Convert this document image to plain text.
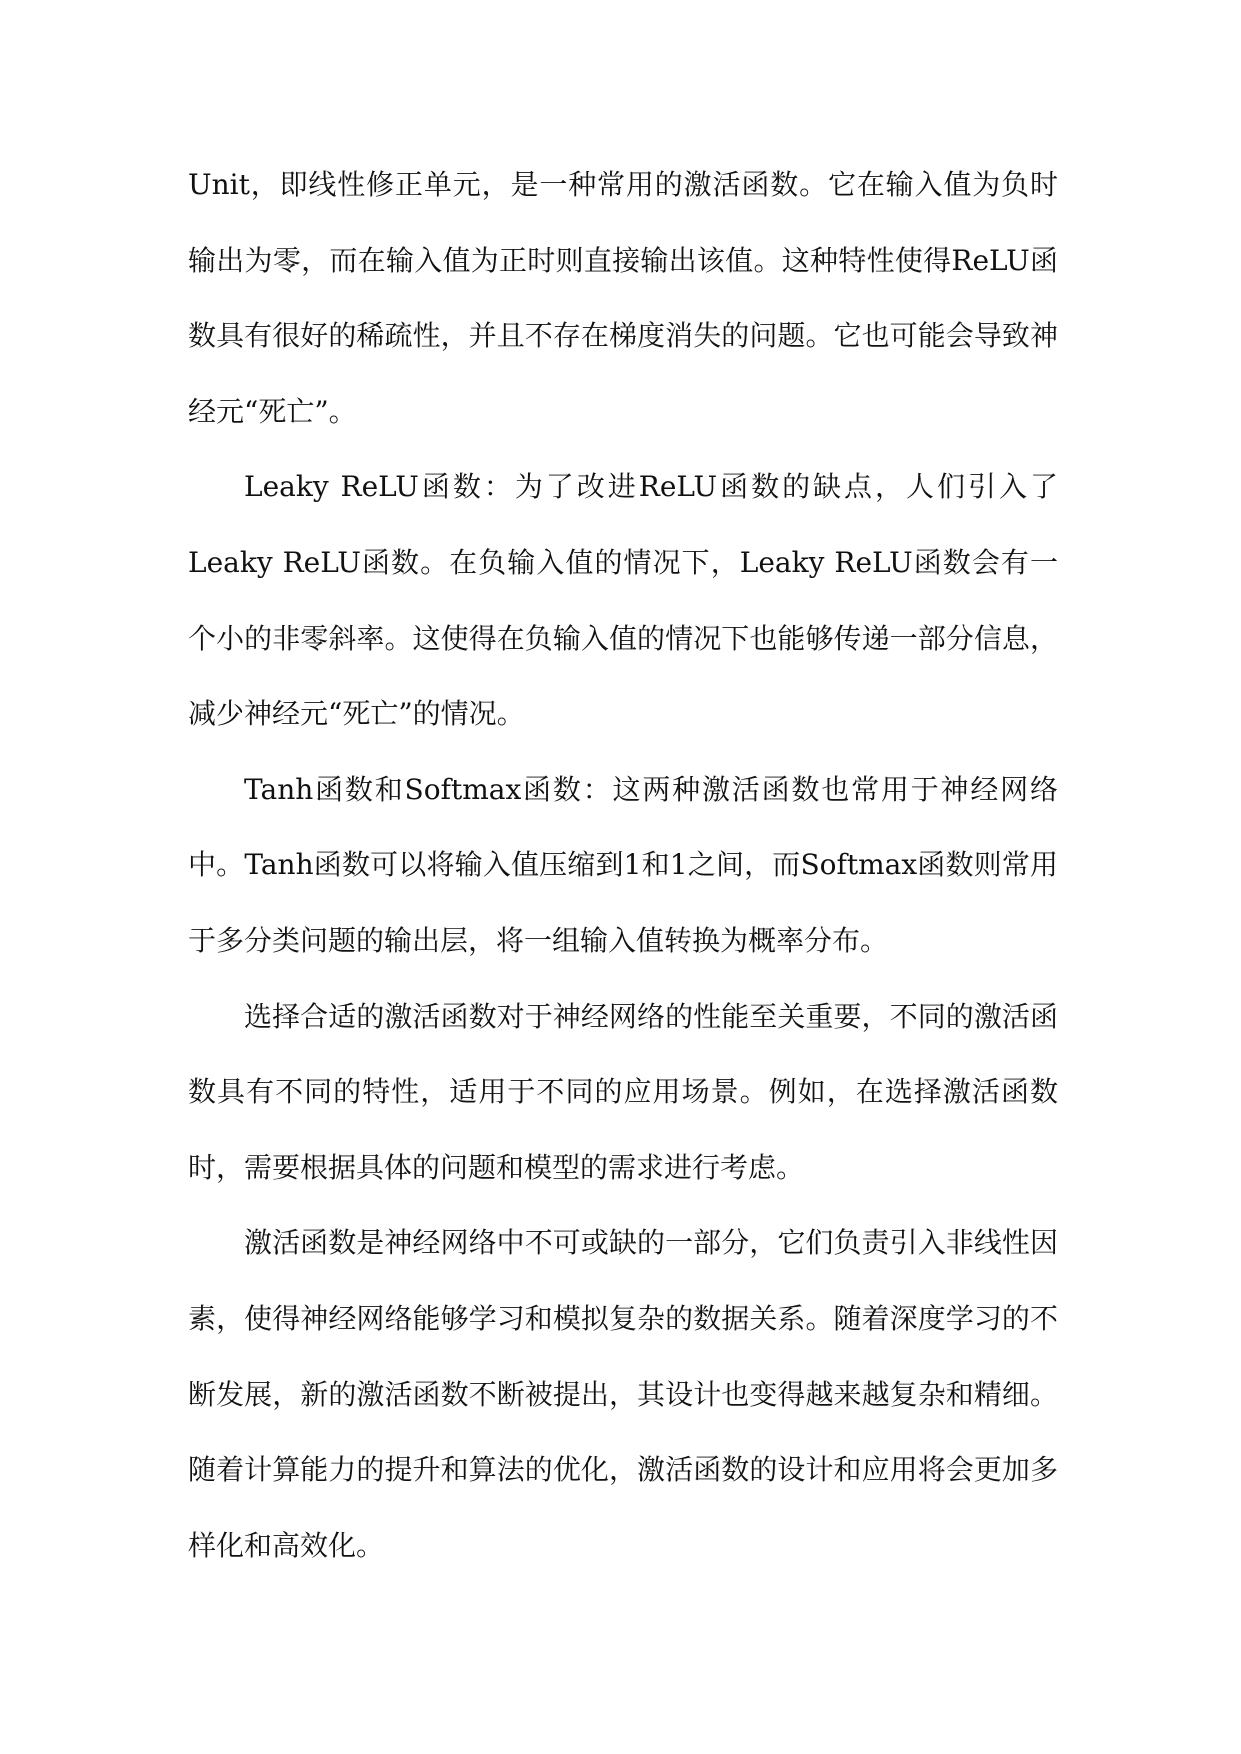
Unit，即线性修正单元，是一种常用的激活函数。它在输入值为负时输出为零，而在输入值为正时则直接输出该值。这种特性使得ReLU函数具有很好的稀疏性，并且不存在梯度消失的问题。它也可能会导致神经元“死亡”。

Leaky ReLU函数：为了改进ReLU函数的缺点，人们引入了Leaky ReLU函数。在负输入值的情况下，Leaky ReLU函数会有一个小的非零斜率。这使得在负输入值的情况下也能够传递一部分信息，减少神经元“死亡”的情况。

Tanh函数和Softmax函数：这两种激活函数也常用于神经网络中。Tanh函数可以将输入值压缩到1和1之间，而Softmax函数则常用于多分类问题的输出层，将一组输入值转换为概率分布。

选择合适的激活函数对于神经网络的性能至关重要，不同的激活函数具有不同的特性，适用于不同的应用场景。例如，在选择激活函数时，需要根据具体的问题和模型的需求进行考虑。

激活函数是神经网络中不可或缺的一部分，它们负责引入非线性因素，使得神经网络能够学习和模拟复杂的数据关系。随着深度学习的不断发展，新的激活函数不断被提出，其设计也变得越来越复杂和精细。随着计算能力的提升和算法的优化，激活函数的设计和应用将会更加多样化和高效化。
